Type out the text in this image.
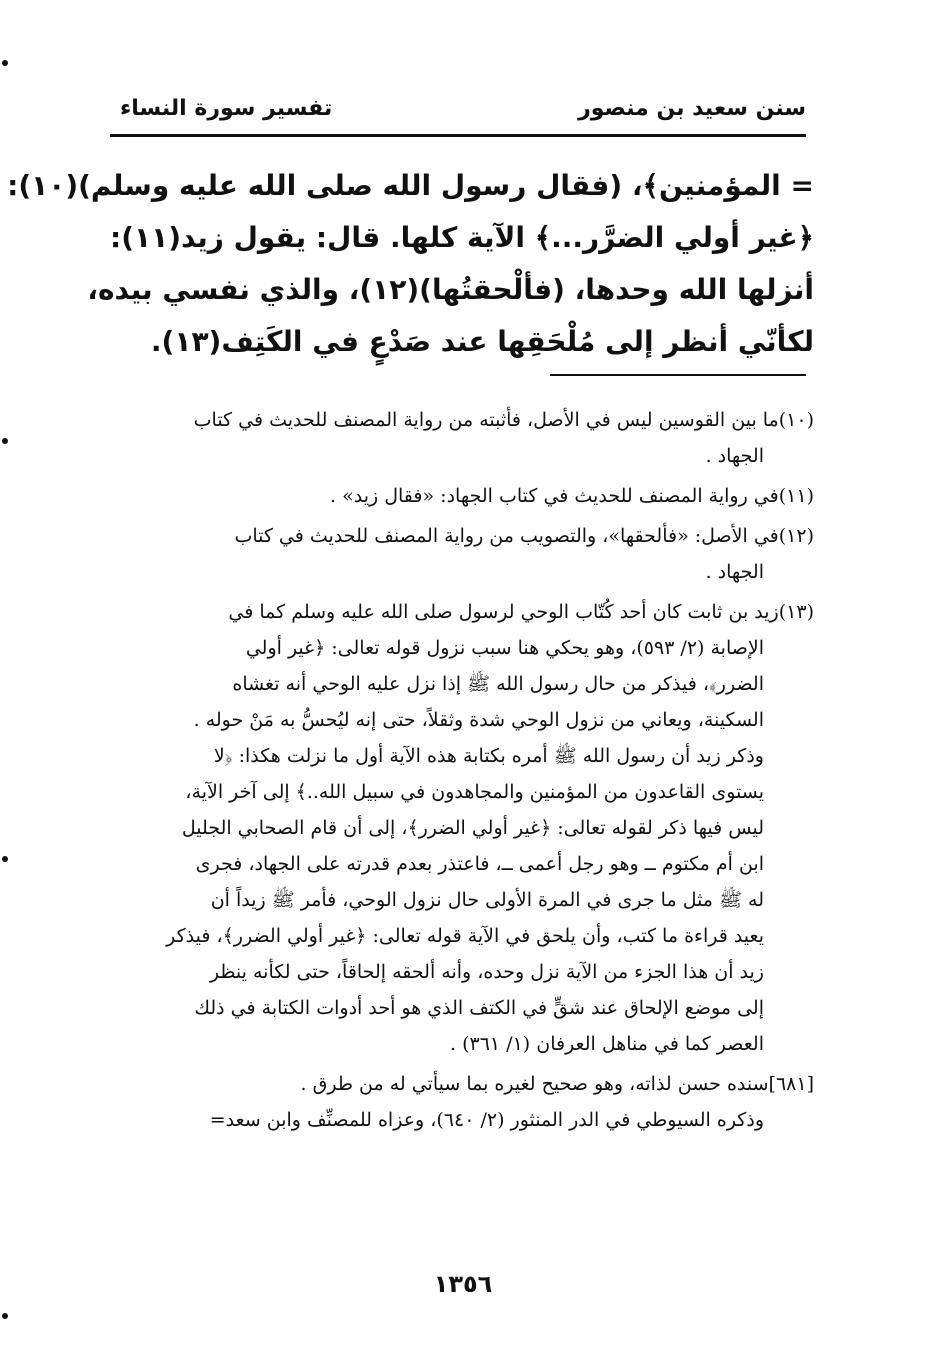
سنن سعيد بن منصور
تفسير سورة النساء
= المؤمنين﴾، (فقال رسول الله صلى الله عليه وسلم)(١٠):
﴿غير أولي الضرَّر...﴾ الآية كلها. قال: يقول زيد(١١):
أنزلها الله وحدها، (فألْحقتُها)(١٢)، والذي نفسي بيده،
لكأنّي أنظر إلى مُلْحَقِها عند صَدْعٍ في الكَتِف(١٣).
(١٠)ما بين القوسين ليس في الأصل، فأثبته من رواية المصنف للحديث في كتاب
الجهاد .
(١١)في رواية المصنف للحديث في كتاب الجهاد: «فقال زيد» .
(١٢)في الأصل: «فألحقها»، والتصويب من رواية المصنف للحديث في كتاب
الجهاد .
(١٣)زيد بن ثابت كان أحد كُتّاب الوحي لرسول صلى الله عليه وسلم كما في
الإصابة (٢/ ٥٩٣)، وهو يحكي هنا سبب نزول قوله تعالى: ﴿غير أولي
الضرر﴾، فيذكر من حال رسول الله ﷺ إذا نزل عليه الوحي أنه تغشاه
السكينة، ويعاني من نزول الوحي شدة وثقلاً، حتى إنه ليُحسُّ به مَنْ حوله .
وذكر زيد أن رسول الله ﷺ أمره بكتابة هذه الآية أول ما نزلت هكذا: ﴿لا
يستوى القاعدون من المؤمنين والمجاهدون في سبيل الله..﴾ إلى آخر الآية،
ليس فيها ذكر لقوله تعالى: ﴿غير أولي الضرر﴾، إلى أن قام الصحابي الجليل
ابن أم مكتوم ــ وهو رجل أعمى ــ، فاعتذر بعدم قدرته على الجهاد، فجرى
له ﷺ مثل ما جرى في المرة الأولى حال نزول الوحي، فأمر ﷺ زيداً أن
يعيد قراءة ما كتب، وأن يلحق في الآية قوله تعالى: ﴿غير أولي الضرر﴾، فيذكر
زيد أن هذا الجزء من الآية نزل وحده، وأنه ألحقه إلحاقاً، حتى لكأنه ينظر
إلى موضع الإلحاق عند شقٍّ في الكتف الذي هو أحد أدوات الكتابة في ذلك
العصر كما في مناهل العرفان (١/ ٣٦١) .
[٦٨١]سنده حسن لذاته، وهو صحيح لغيره بما سيأتي له من طرق .
وذكره السيوطي في الدر المنثور (٢/ ٦٤٠)، وعزاه للمصنِّف وابن سعد=
١٣٥٦
